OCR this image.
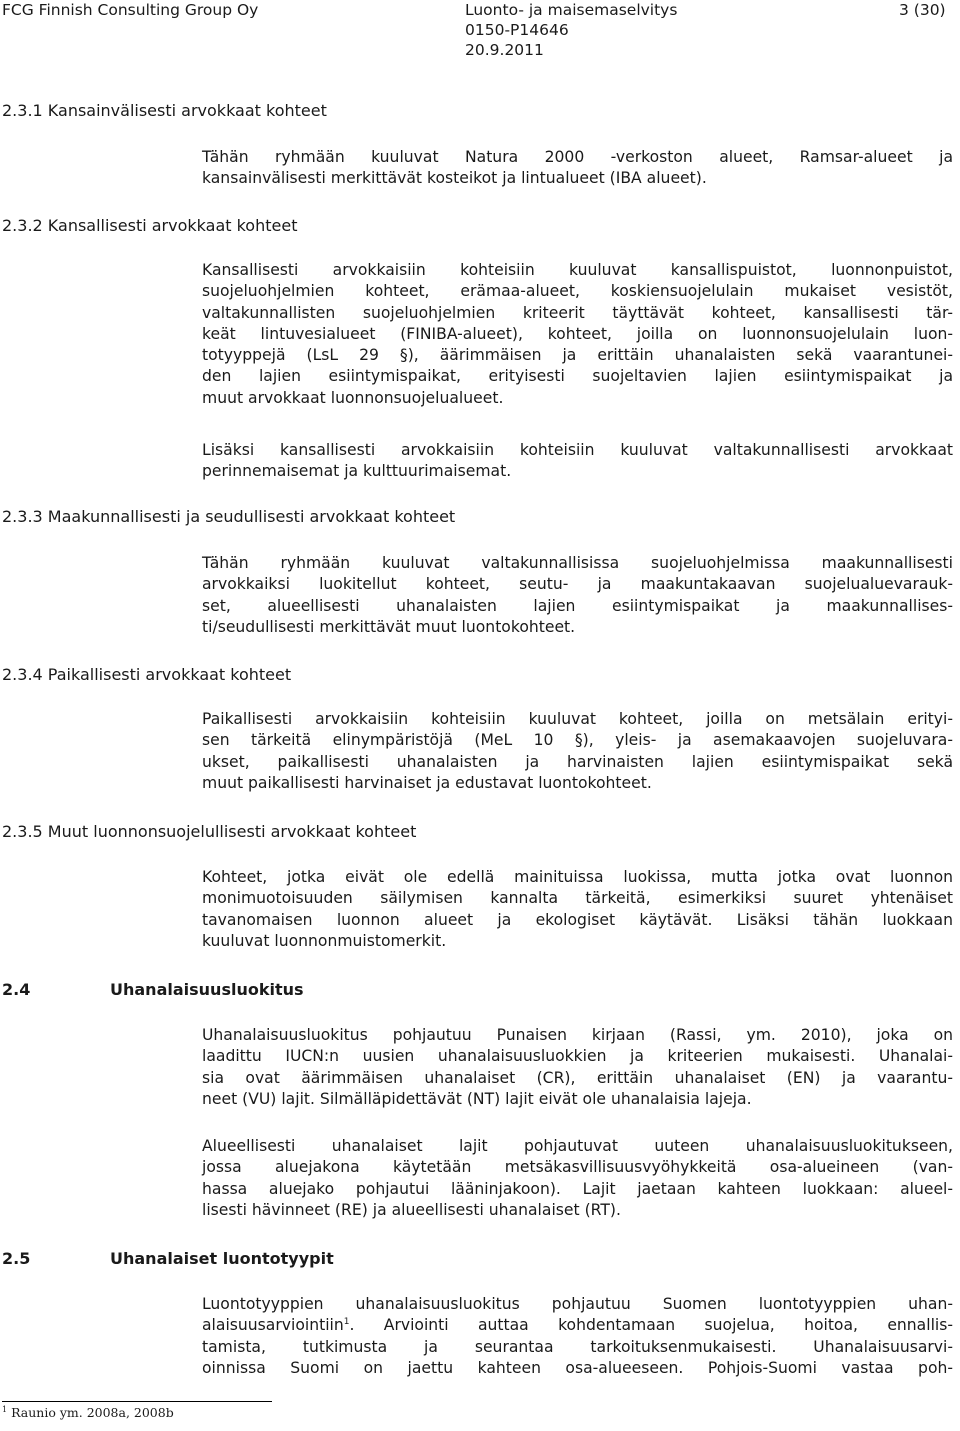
FCG Finnish Consulting Group Oy	Luonto- ja maisemaselvitys
0150-P14646
20.9.2011
3 (30)
2.3.1 Kansainvälisesti arvokkaat kohteet
Tähän ryhmään kuuluvat Natura 2000 -verkoston alueet, Ramsar-alueet ja
kansainvälisesti merkittävät kosteikot ja lintualueet (IBA alueet).
2.3.2 Kansallisesti arvokkaat kohteet
Kansallisesti arvokkaisiin kohteisiin kuuluvat kansallispuistot, luonnonpuistot,
suojeluohjelmien kohteet, erämaa-alueet, koskiensuojelulain mukaiset vesistöt,
valtakunnallisten suojeluohjelmien kriteerit täyttävät kohteet, kansallisesti tär-
keät lintuvesialueet (FINIBA-alueet), kohteet, joilla on luonnonsuojelulain luon-
totyyppejä (LsL 29 §), äärimmäisen ja erittäin uhanalaisten sekä vaarantunei-
den lajien esiintymispaikat, erityisesti suojeltavien lajien esiintymispaikat ja
muut arvokkaat luonnonsuojelualueet.
Lisäksi kansallisesti arvokkaisiin kohteisiin kuuluvat valtakunnallisesti arvokkaat
perinnemaisemat ja kulttuurimaisemat.
2.3.3 Maakunnallisesti ja seudullisesti arvokkaat kohteet
Tähän ryhmään kuuluvat valtakunnallisissa suojeluohjelmissa maakunnallisesti
arvokkaiksi luokitellut kohteet, seutu- ja maakuntakaavan suojelualuevarauk-
set, alueellisesti uhanalaisten lajien esiintymispaikat ja maakunnallises-
ti/seudullisesti merkittävät muut luontokohteet.
2.3.4 Paikallisesti arvokkaat kohteet
Paikallisesti arvokkaisiin kohteisiin kuuluvat kohteet, joilla on metsälain erityi-
sen tärkeitä elinympäristöjä (MeL 10 §), yleis- ja asemakaavojen suojeluvara-
ukset, paikallisesti uhanalaisten ja harvinaisten lajien esiintymispaikat sekä
muut paikallisesti harvinaiset ja edustavat luontokohteet.
2.3.5 Muut luonnonsuojelullisesti arvokkaat kohteet
Kohteet, jotka eivät ole edellä mainituissa luokissa, mutta jotka ovat luonnon
monimuotoisuuden säilymisen kannalta tärkeitä, esimerkiksi suuret yhtenäiset
tavanomaisen luonnon alueet ja ekologiset käytävät. Lisäksi tähän luokkaan
kuuluvat luonnonmuistomerkit.
2.4	Uhanalaisuusluokitus
Uhanalaisuusluokitus pohjautuu Punaisen kirjaan (Rassi, ym. 2010), joka on
laadittu IUCN:n uusien uhanalaisuusluokkien ja kriteerien mukaisesti. Uhanalai-
sia ovat äärimmäisen uhanalaiset (CR), erittäin uhanalaiset (EN) ja vaarantu-
neet (VU) lajit. Silmälläpidettävät (NT) lajit eivät ole uhanalaisia lajeja.
Alueellisesti uhanalaiset lajit pohjautuvat uuteen uhanalaisuusluokitukseen,
jossa aluejakona käytetään metsäkasvillisuusvyöhykkeitä osa-alueineen (van-
hassa aluejako pohjautui lääninjakoon). Lajit jaetaan kahteen luokkaan: alueel-
lisesti hävinneet (RE) ja alueellisesti uhanalaiset (RT).
2.5	Uhanalaiset luontotyypit
Luontotyyppien uhanalaisuusluokitus pohjautuu Suomen luontotyyppien uhan-
alaisuusarviointiin$^1$. Arviointi auttaa kohdentamaan suojelua, hoitoa, ennallis-
tamista, tutkimusta ja seurantaa tarkoituksenmukaisesti. Uhanalaisuusarvi-
oinnissa Suomi on jaettu kahteen osa-alueeseen. Pohjois-Suomi vastaa poh-
$^1$ Raunio ym. 2008a, 2008b
